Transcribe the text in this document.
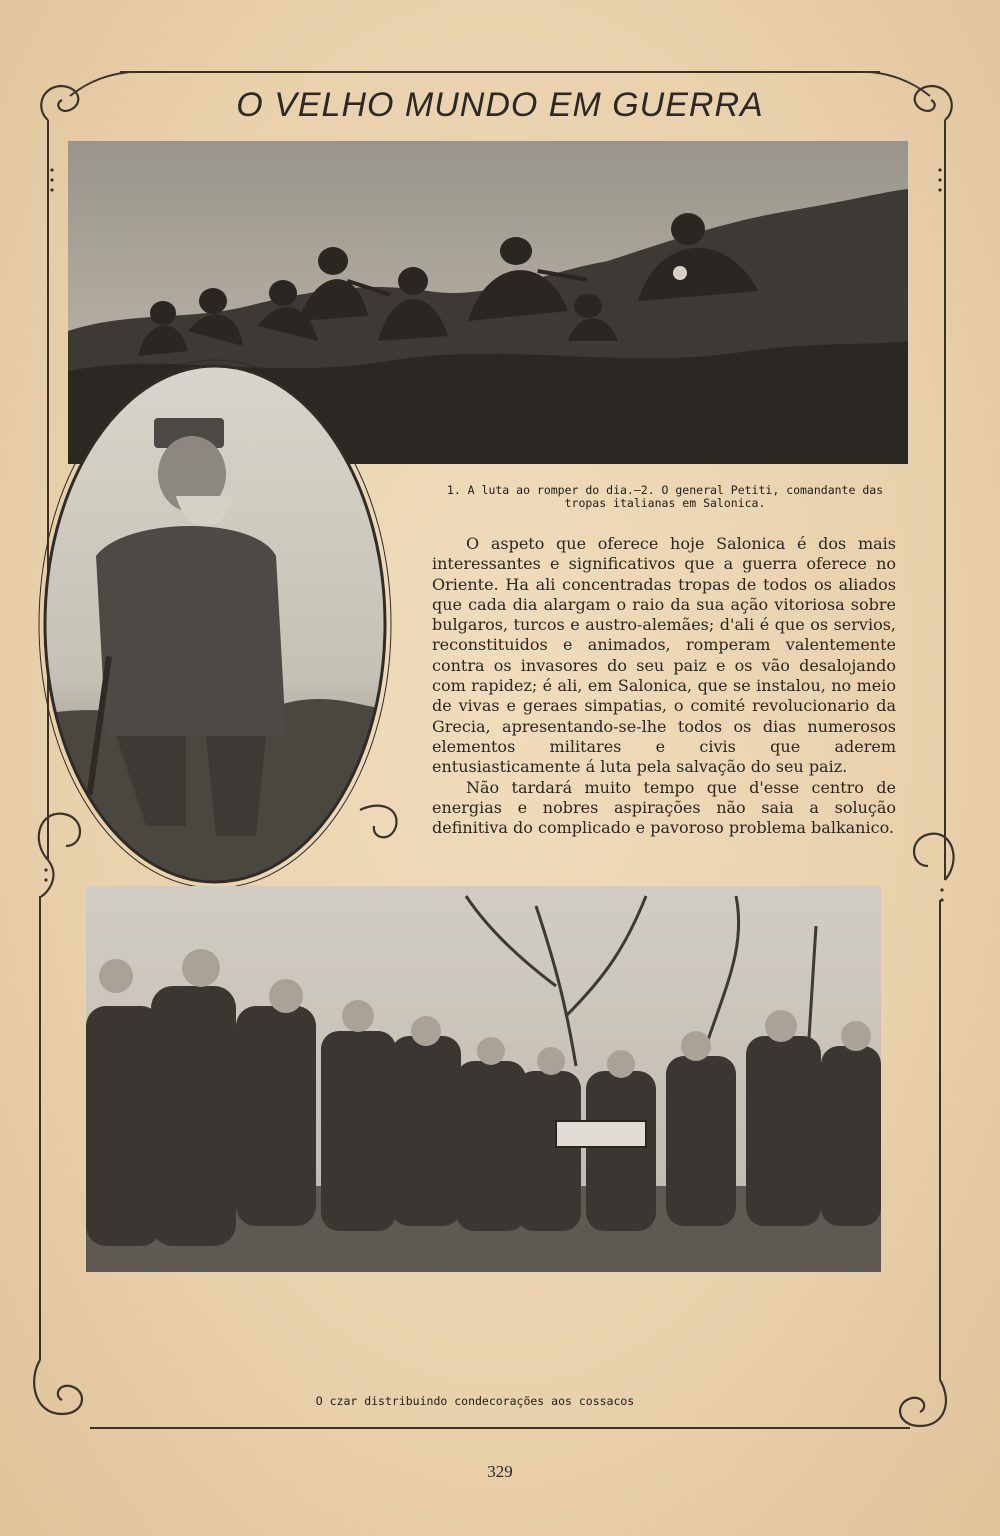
O VELHO MUNDO EM GUERRA
1. A luta ao romper do dia.—2. O general Petiti, comandante das tropas italianas em Salonica.

O aspeto que oferece hoje Salonica é dos mais interessantes e significativos que a guerra oferece no Oriente. Ha ali concentradas tropas de todos os aliados que cada dia alargam o raio da sua ação vitoriosa sobre bulgaros, turcos e austro-alemães; d'ali é que os servios, reconstituidos e animados, romperam valentemente contra os invasores do seu paiz e os vão desalojando com rapidez; é ali, em Salonica, que se instalou, no meio de vivas e geraes simpatias, o comité revolucionario da Grecia, apresentando-se-lhe todos os dias numerosos elementos militares e civis que aderem entusiasticamente á luta pela salvação do seu paiz.

Não tardará muito tempo que d'esse centro de energias e nobres aspirações não saia a solução definitiva do complicado e pavoroso problema balkanico.

O czar distribuindo condecorações aos cossacos
329
